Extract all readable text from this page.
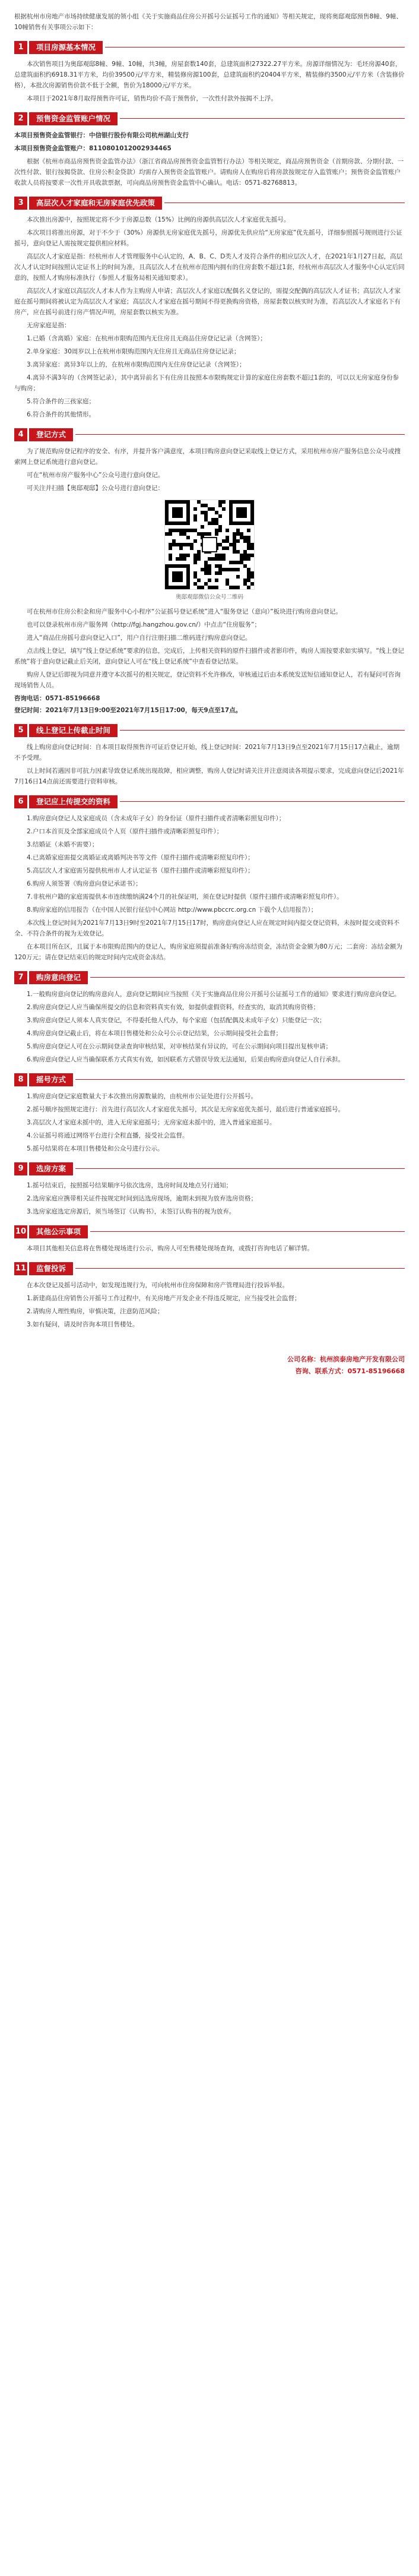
根据杭州市房地产市场持续健康发展的领小组《关于实施商品住房公开摇号公证摇号工作的通知》等相关规定，现将奥邸观邸预售8幢、9幢、10幢销售有关事项公示如下：

1	项目房源基本情况

本次销售项目为奥邸观邸8幢、9幢、10幢，共3幢，房屋套数140套，总建筑面积27322.27平方米。房源详细情况为：毛坯房源40套，总建筑面积约6918.31平方米，均价39500元/平方米，精装修房源100套，总建筑面积约20404平方米，精装修约3500元/平方米（含装修价格），本批次房源销售价款不低于全额，售价为18000元/平方米。

本项目于2021年8月取得预售许可证，销售均价不高于预售价，一次性付款外按揭不上浮。

2	预售资金监管账户情况

本项目预售资金监管银行：中信银行股份有限公司杭州湖山支行

本项目预售资金监管账户：8110801012002934465

根据《杭州市商品房预售资金监管办法》（浙江省商品房预售资金监管暂行办法）等相关规定，商品房预售资金（首期房款、分期付款、一次性付款、银行按揭贷款、住房公积金贷款）均需存入预售资金监管账户。请购房人在购房后将房款按规定存入监管账户；预售资金监管账户收款人员将按要求一次性开具收款票据，可向商品房预售资金监管中心确认。电话：0571-82768813。

3	高层次人才家庭和无房家庭优先政策

本次推出房源中，按照规定将不少于房源总数（15%）比例的房源供高层次人才家庭优先摇号。

本次项目将推出房源，对于不少于（30%）房源供无房家庭优先摇号，房源优先供应给“无房家庭”优先摇号，详细参照摇号规则进行公证摇号，意向登记人需按规定提供相应材料。

高层次人才家庭是指：经杭州市人才管理服务中心认定的，A、B、C、D类人才及符合条件的相应层次人才，在2021年1月27日起，高层次人才认定时间按照认定证书上的时间为准，且高层次人才在杭州市范围内拥有的住房套数不超过1套，经杭州市高层次人才服务中心认定后同意的，按照人才购房标准执行（参照人才服务局相关通知要求）。

高层次人才家庭以高层次人才本人作为主购房人申请；高层次人才家庭以配偶名义登记的，需提交配偶的高层次人才证书；高层次人才家庭在摇号期间将被认定为高层次人才家庭；高层次人才家庭在摇号期间不得更换购房资格，房屋套数以核实时为准，若高层次人才家庭名下有房产，应在摇号前进行房产情况声明，房屋套数以核实为准。

无房家庭是指：

1.已婚（含离婚）家庭：在杭州市限购范围内无住房且无商品住房登记记录（含网签）；

2.单身家庭：30周岁以上在杭州市限购范围内无住房且无商品住房登记记录；

3.离异家庭：离异3年以上的，在杭州市限购范围内无住房登记记录（含网签）；

4.离异不满3年的（含网签记录），其中离异前名下有住房且按照本市限购规定计算的家庭住房套数不超过1套的，可以以无房家庭身份参与购房；

5.符合条件的三孩家庭；

6.符合条件的其他情形。

4	登记方式

为了规范购房登记程序的安全、有序，并提升客户满意度，本项目购房意向登记采取线上登记方式，采用杭州市房产服务信息公众号或搜索网上登记系统进行意向登记。

可在“杭州市房产服务中心”公众号进行意向登记。

可关注并扫描【奥邸观邸】公众号进行意向登记：

奥邸观邸微信公众号二维码

可在杭州市住房公积金和房产服务中心小程序“公证摇号登记系统”进入“服务登记（意向）”板块进行购房意向登记。

也可以登录杭州市房产服务网（http://fgj.hangzhou.gov.cn/）中点击“住房服务”；

进入“商品住房摇号意向登记入口”，用户自行注册扫描二维码进行购房意向登记。

点击线上登记，填写“线上登记系统”要求的信息，完成后，上传相关资料的原件扫描件或者影印件，购房人需按要求如实填写。“线上登记系统”将于意向登记截止后关闭，意向登记人可在“线上登记系统”中查看登记结果。

购房人登记后即视为同意并遵守本次摇号的相关规定，登记资料不允许修改，审核通过后由本系统发送短信通知登记人，若有疑问可咨询现场销售人员。

咨询电话：0571-85196668
登记时间：2021年7月13日9:00至2021年7月15日17:00，每天9点至17点。
5	线上登记上传截止时间

线上购房意向登记时间：自本项目取得预售许可证后登记开始，线上登记时间：2021年7月13日9点至2021年7月15日17点截止，逾期不予受理。

以上时间若遇因非可抗力因素导致登记系统出现故障，相应调整，购房人登记时请关注并注意阅读各项提示要求，完成意向登记后2021年7月16日14点前还需要进行资料审核。

6	登记应上传提交的资料

1.购房意向登记人及家庭成员（含未成年子女）的身份证（原件扫描件或者清晰彩照复印件）；

2.户口本首页及全部家庭成员个人页（原件扫描件或清晰彩照复印件）；

3.结婚证（未婚不需要）；

4.已离婚家庭需提交离婚证或离婚判决书等文件（原件扫描件或清晰彩照复印件）；

5.高层次人才家庭需另提供杭州市人才认定证书（原件扫描件或清晰彩照复印件）；

6.购房人须签署《购房意向登记承诺书》；

7.非杭州户籍的家庭需提供本市连续缴纳满24个月的社保证明，须在登记时提供（原件扫描件或清晰彩照复印件）。

8.购房家庭的信用报告（在中国人民银行征信中心网站 http://www.pbccrc.org.cn 下载个人信用报告）；

本次线上登记时间为2021年7月13日9时至2021年7月15日17时，购房意向登记人应在规定时间内提交登记资料，未按时提交或资料不全、不符合条件的视为无效登记。

在本项目所在区，且属于本市限购范围内的登记人，购房家庭须提前准备好购房冻结资金，冻结资金金额为80万元；二套房：冻结金额为120万元；请在登记结束后的规定时间内完成资金冻结。

7	购房意向登记

1.一般购房意向登记的购房意向人，意向登记期间应当按照《关于实施商品住房公开摇号公证摇号工作的通知》要求进行购房意向登记。

2.购房意向登记人应当确保所提交的信息和资料真实有效，如提供虚假资料，经查实的，取消其购房资格；

3.购房意向登记人须本人真实登记，不得委托他人代办，每个家庭（包括配偶及未成年子女）只能登记一次；

4.购房意向登记截止后，将在本项目售楼处和公众号公示登记结果，公示期间接受社会监督；

5.购房意向登记人可在公示期间登录查询审核结果，对审核结果有异议的，可在公示期间向项目提出复核申请；

6.购房意向登记人应当确保联系方式真实有效，如因联系方式错误导致无法通知，后果由购房意向登记人自行承担。

8	摇号方式

1.购房意向登记家庭数量大于本次推出房源数量的，由杭州市公证处进行公开摇号。

2.摇号顺序按照规定进行：首先进行高层次人才家庭优先摇号，其次是无房家庭优先摇号，最后进行普通家庭摇号。

3.高层次人才家庭未摇中的，进入无房家庭摇号；无房家庭未摇中的，进入普通家庭摇号。

4.公证摇号将通过网络平台进行全程直播，接受社会监督。

5.摇号结果将在本项目售楼处和公众号进行公示。

9	选房方案

1.摇号结束后，按照摇号结果顺序号依次选房，选房时间及地点另行通知；

2.选房家庭应携带相关证件按规定时间到达选房现场，逾期未到视为放弃选房资格；

3.选房家庭选定房源后，须当场签订《认购书》，未签订认购书的视为放弃。

10	其他公示事项

本项目其他相关信息将在售楼处现场进行公示，购房人可至售楼处现场查询，或拨打咨询电话了解详情。

11	监督投诉

在本次登记及摇号活动中，如发现违规行为，可向杭州市住房保障和房产管理局进行投诉举报。

1.新建商品住房销售公开摇号工作过程中，有关房地产开发企业不得违反规定，应当接受社会监督；

2.请购房人理性购房，审慎决策，注意防范风险；

3.如有疑问，请及时咨询本项目售楼处。

公司名称：杭州滨泰房地产开发有限公司
咨询、联系方式：0571-85196668
